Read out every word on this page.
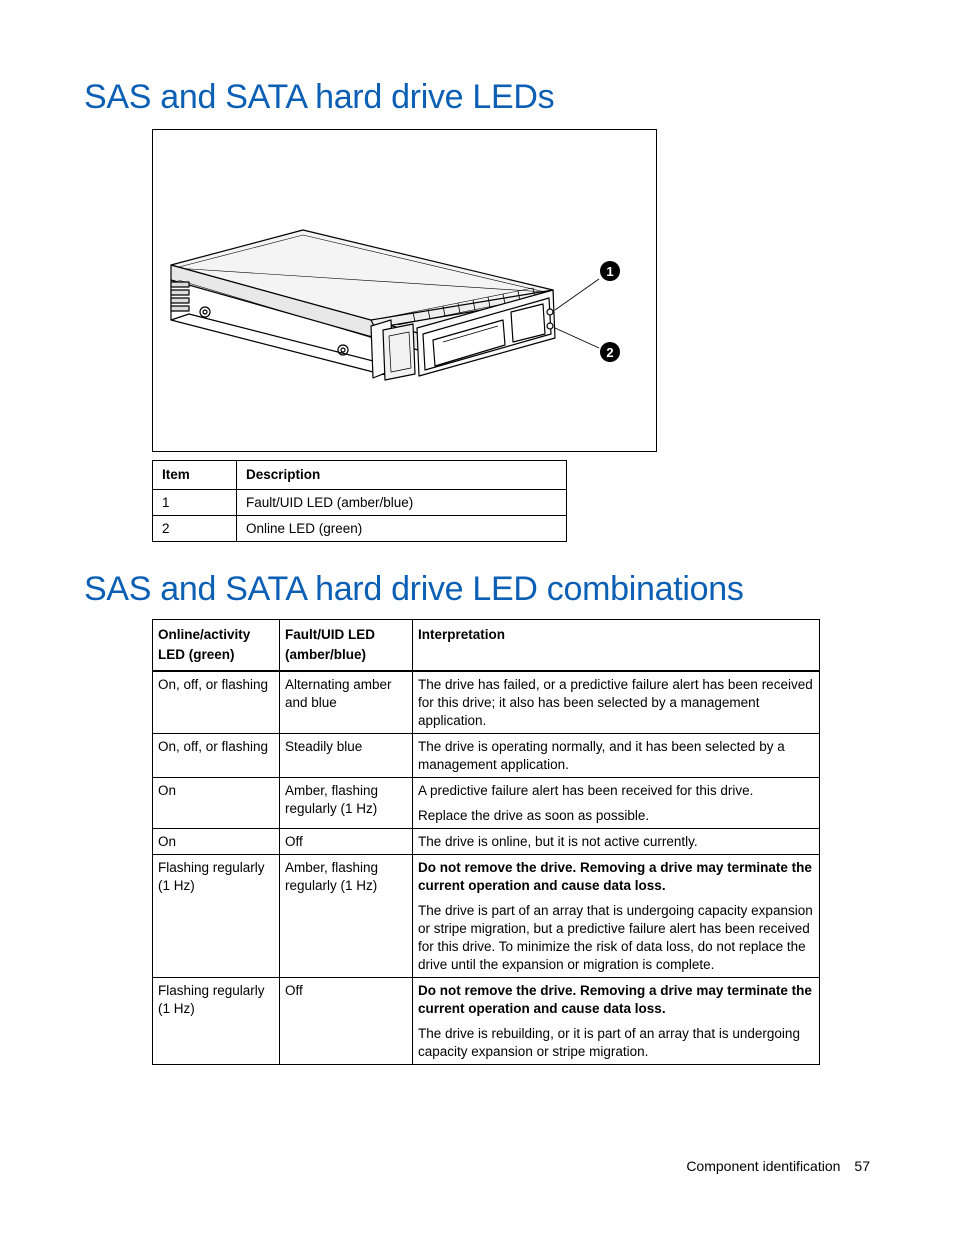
SAS and SATA hard drive LEDs
1
2
Item	Description
1	Fault/UID LED (amber/blue)
2	Online LED (green)
SAS and SATA hard drive LED combinations
Online/activity LED (green)	Fault/UID LED (amber/blue)	Interpretation
On, off, or flashing	Alternating amber and blue	The drive has failed, or a predictive failure alert has been received for this drive; it also has been selected by a management application.

On, off, or flashing	Steadily blue	The drive is operating normally, and it has been selected by a management application.

On	Amber, flashing regularly (1 Hz)	A predictive failure alert has been received for this drive.

Replace the drive as soon as possible.

On	Off	The drive is online, but it is not active currently.

Flashing regularly (1 Hz)	Amber, flashing regularly (1 Hz)	Do not remove the drive. Removing a drive may terminate the current operation and cause data loss.

The drive is part of an array that is undergoing capacity expansion or stripe migration, but a predictive failure alert has been received for this drive. To minimize the risk of data loss, do not replace the drive until the expansion or migration is complete.

Flashing regularly (1 Hz)	Off	Do not remove the drive. Removing a drive may terminate the current operation and cause data loss.

The drive is rebuilding, or it is part of an array that is undergoing capacity expansion or stripe migration.

Component identification 57
